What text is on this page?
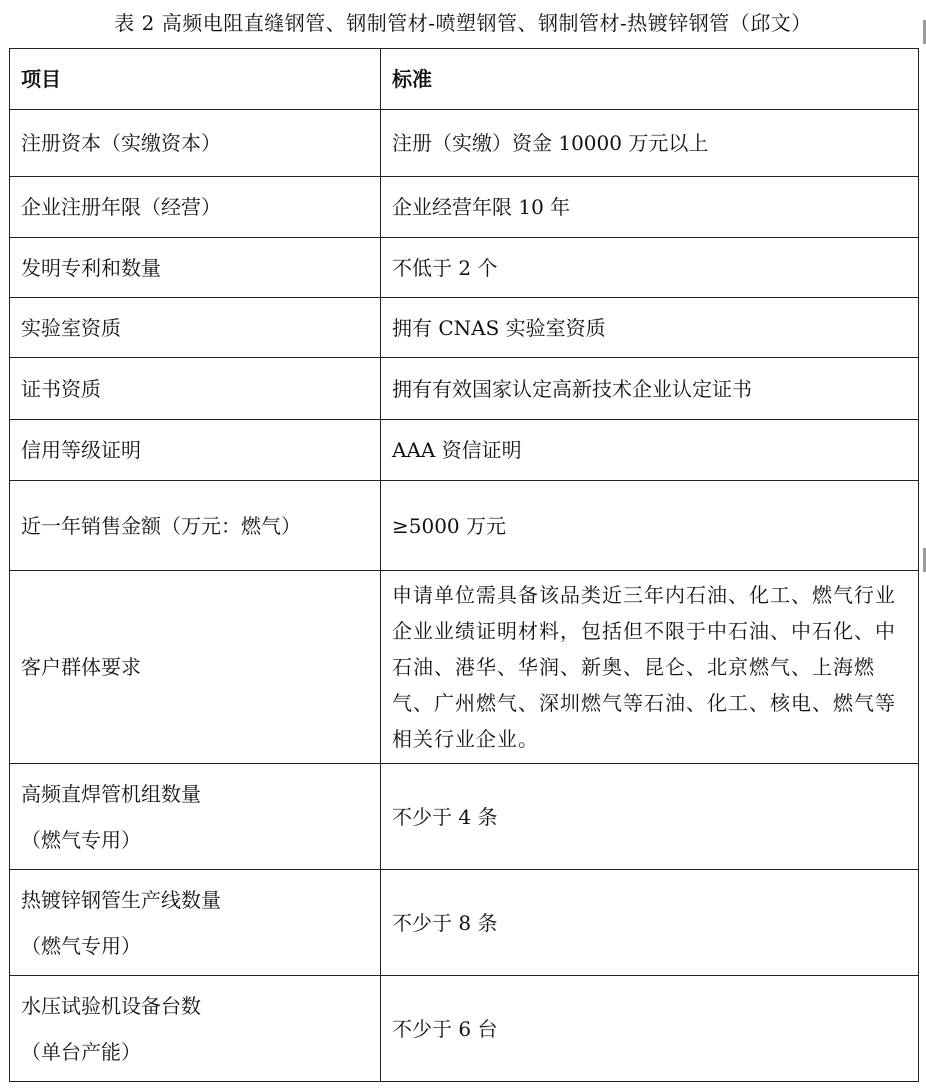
表 2 高频电阻直缝钢管、钢制管材-喷塑钢管、钢制管材-热镀锌钢管（邱文）
项目	标准
注册资本（实缴资本）	注册（实缴）资金 10000 万元以上
企业注册年限（经营）	企业经营年限 10 年
发明专利和数量	不低于 2 个
实验室资质	拥有 CNAS 实验室资质
证书资质	拥有有效国家认定高新技术企业认定证书
信用等级证明	AAA 资信证明
近一年销售金额（万元：燃气）	≥5000 万元
客户群体要求	申请单位需具备该品类近三年内石油、化工、燃气行业企业业绩证明材料，包括但不限于中石油、中石化、中石油、港华、华润、新奥、昆仑、北京燃气、上海燃气、广州燃气、深圳燃气等石油、化工、核电、燃气等相关行业企业。

高频直焊管机组数量
（燃气专用）	不少于 4 条

热镀锌钢管生产线数量
（燃气专用）	不少于 8 条

水压试验机设备台数
（单台产能）	不少于 6 台
